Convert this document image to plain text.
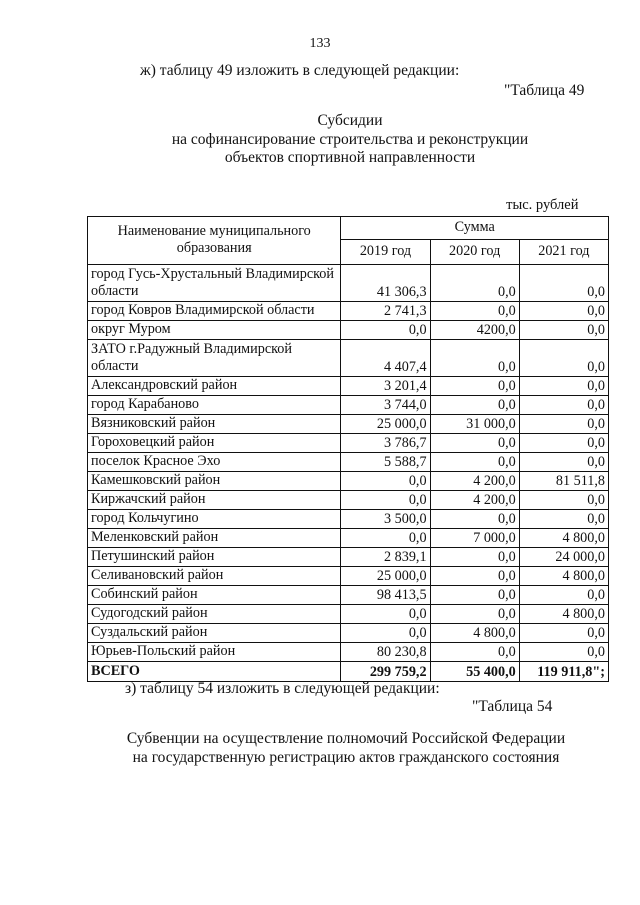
133
ж) таблицу 49 изложить в следующей редакции:
"Таблица 49
Субсидии
на софинансирование строительства и реконструкции
объектов спортивной направленности
тыс. рублей			
Наименование муниципального образования	Сумма		
	2019 год	2020 год	2021 год
город Гусь-Хрустальный Владимирской области	41 306,3	0,0	0,0
город Ковров Владимирской области	2 741,3	0,0	0,0
округ Муром	0,0	4200,0	0,0
ЗАТО г.Радужный Владимирской области	4 407,4	0,0	0,0
Александровский район	3 201,4	0,0	0,0
город Карабаново	3 744,0	0,0	0,0
Вязниковский район	25 000,0	31 000,0	0,0
Гороховецкий район	3 786,7	0,0	0,0
поселок Красное Эхо	5 588,7	0,0	0,0
Камешковский район	0,0	4 200,0	81 511,8
Киржачский район	0,0	4 200,0	0,0
город Кольчугино	3 500,0	0,0	0,0
Меленковский район	0,0	7 000,0	4 800,0
Петушинский район	2 839,1	0,0	24 000,0
Селивановский район	25 000,0	0,0	4 800,0
Собинский район	98 413,5	0,0	0,0
Судогодский район	0,0	0,0	4 800,0
Суздальский район	0,0	4 800,0	0,0
Юрьев-Польский район	80 230,8	0,0	0,0
ВСЕГО	299 759,2	55 400,0	119 911,8";
з) таблицу 54 изложить в следующей редакции:
"Таблица 54
Субвенции на осуществление полномочий Российской Федерации
на государственную регистрацию актов гражданского состояния
